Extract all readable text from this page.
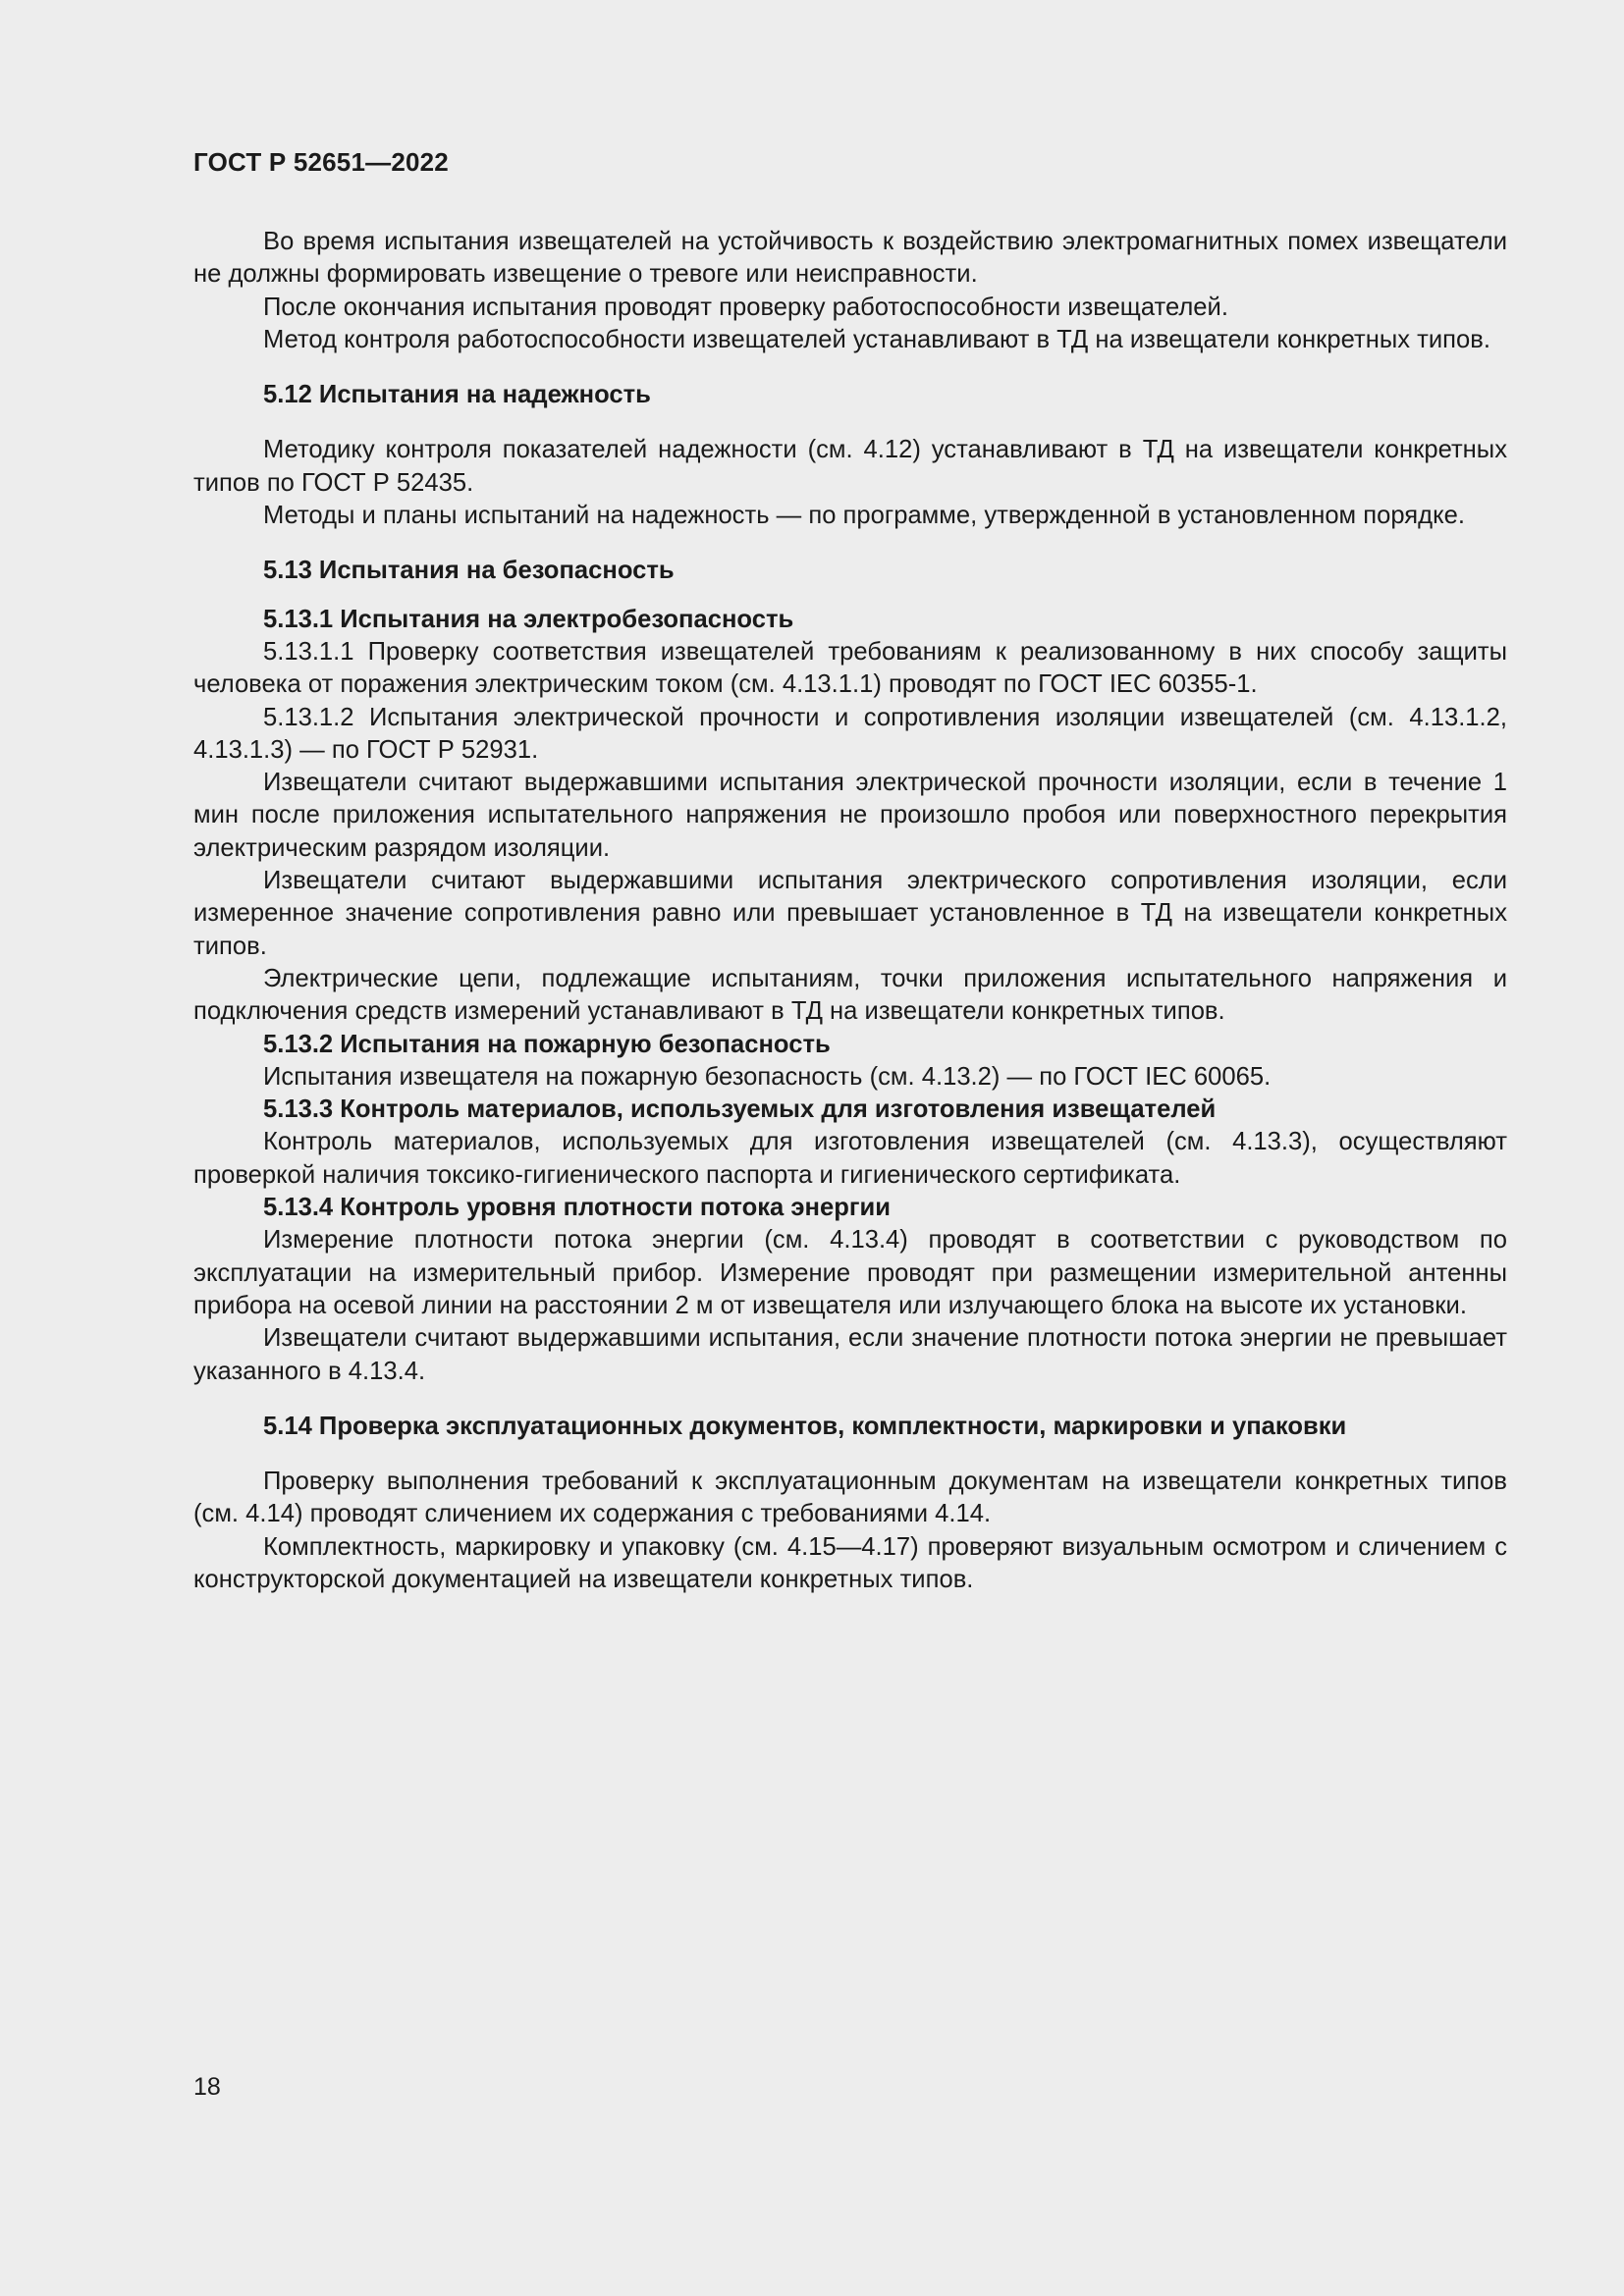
ГОСТ Р 52651—2022

Во время испытания извещателей на устойчивость к воздействию электромагнитных помех извещатели не должны формировать извещение о тревоге или неисправности.

После окончания испытания проводят проверку работоспособности извещателей.

Метод контроля работоспособности извещателей устанавливают в ТД на извещатели конкретных типов.

5.12 Испытания на надежность

Методику контроля показателей надежности (см. 4.12) устанавливают в ТД на извещатели конкретных типов по ГОСТ Р 52435.

Методы и планы испытаний на надежность — по программе, утвержденной в установленном порядке.

5.13 Испытания на безопасность
5.13.1 Испытания на электробезопасность

5.13.1.1 Проверку соответствия извещателей требованиям к реализованному в них способу защиты человека от поражения электрическим током (см. 4.13.1.1) проводят по ГОСТ IEC 60355-1.

5.13.1.2 Испытания электрической прочности и сопротивления изоляции извещателей (см. 4.13.1.2, 4.13.1.3) — по ГОСТ Р 52931.

Извещатели считают выдержавшими испытания электрической прочности изоляции, если в течение 1 мин после приложения испытательного напряжения не произошло пробоя или поверхностного перекрытия электрическим разрядом изоляции.

Извещатели считают выдержавшими испытания электрического сопротивления изоляции, если измеренное значение сопротивления равно или превышает установленное в ТД на извещатели конкретных типов.

Электрические цепи, подлежащие испытаниям, точки приложения испытательного напряжения и подключения средств измерений устанавливают в ТД на извещатели конкретных типов.

5.13.2 Испытания на пожарную безопасность

Испытания извещателя на пожарную безопасность (см. 4.13.2) — по ГОСТ IEC 60065.

5.13.3 Контроль материалов, используемых для изготовления извещателей

Контроль материалов, используемых для изготовления извещателей (см. 4.13.3), осуществляют проверкой наличия токсико-гигиенического паспорта и гигиенического сертификата.

5.13.4 Контроль уровня плотности потока энергии

Измерение плотности потока энергии (см. 4.13.4) проводят в соответствии с руководством по эксплуатации на измерительный прибор. Измерение проводят при размещении измерительной антенны прибора на осевой линии на расстоянии 2 м от извещателя или излучающего блока на высоте их установки.

Извещатели считают выдержавшими испытания, если значение плотности потока энергии не превышает указанного в 4.13.4.

5.14 Проверка эксплуатационных документов, комплектности, маркировки и упаковки

Проверку выполнения требований к эксплуатационным документам на извещатели конкретных типов (см. 4.14) проводят сличением их содержания с требованиями 4.14.

Комплектность, маркировку и упаковку (см. 4.15—4.17) проверяют визуальным осмотром и сличением с конструкторской документацией на извещатели конкретных типов.

18
